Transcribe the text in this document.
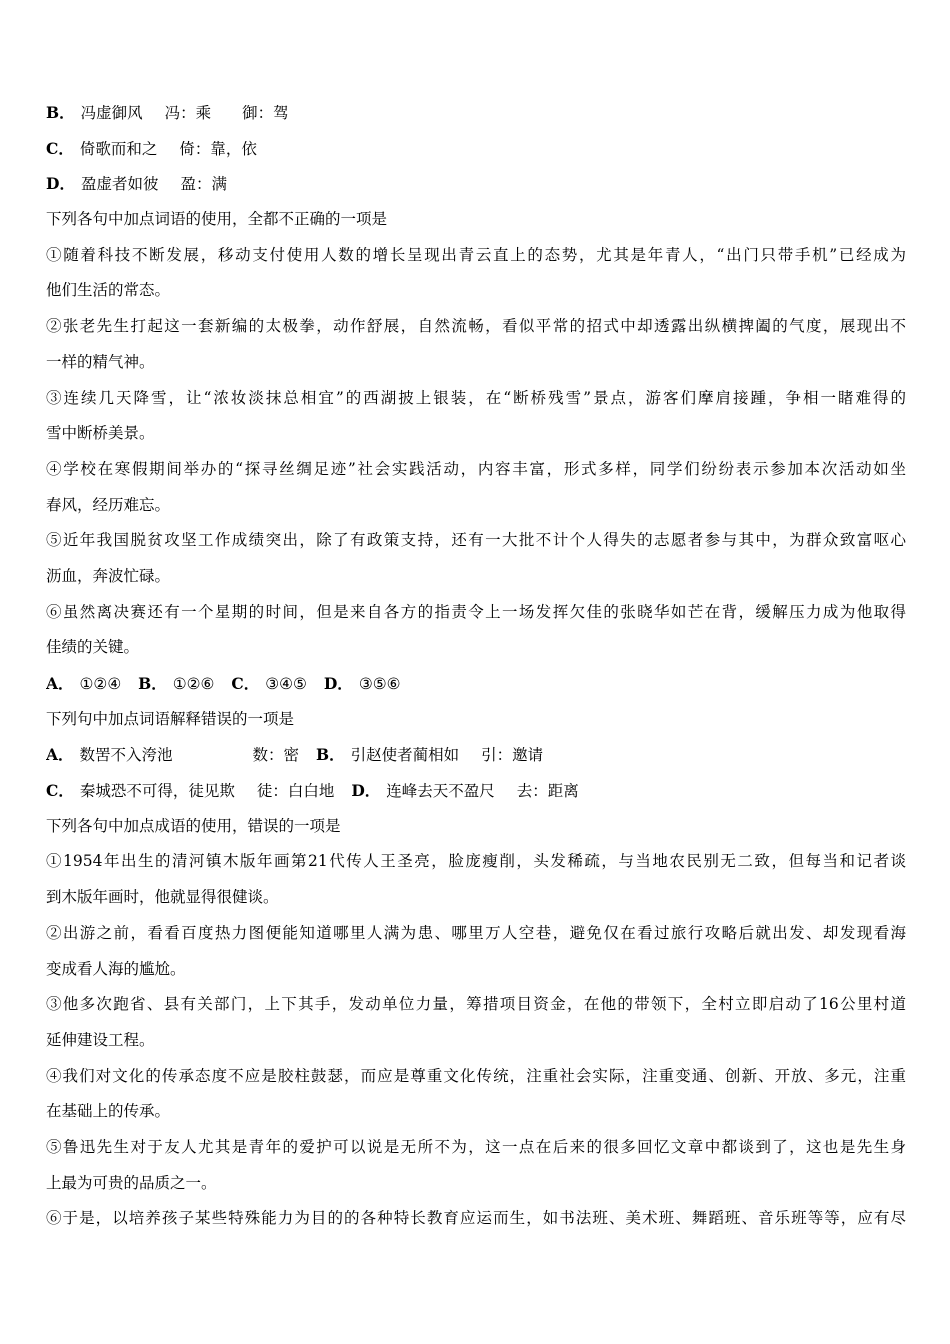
B． 冯虚御风 冯：乘　　御：驾
C． 倚歌而和之 倚：靠，依
D． 盈虚者如彼 盈：满
下列各句中加点词语的使用，全都不正确的一项是
①随着科技不断发展，移动支付使用人数的增长呈现出青云直上的态势，尤其是年青人，“出门只带手机”已经成为
他们生活的常态。
②张老先生打起这一套新编的太极拳，动作舒展，自然流畅，看似平常的招式中却透露出纵横捭阖的气度，展现出不
一样的精气神。
③连续几天降雪，让“浓妆淡抹总相宜”的西湖披上银装，在“断桥残雪”景点，游客们摩肩接踵，争相一睹难得的
雪中断桥美景。
④学校在寒假期间举办的“探寻丝绸足迹”社会实践活动，内容丰富，形式多样，同学们纷纷表示参加本次活动如坐
春风，经历难忘。
⑤近年我国脱贫攻坚工作成绩突出，除了有政策支持，还有一大批不计个人得失的志愿者参与其中，为群众致富呕心
沥血，奔波忙碌。
⑥虽然离决赛还有一个星期的时间，但是来自各方的指责令上一场发挥欠佳的张晓华如芒在背，缓解压力成为他取得
佳绩的关键。
A． ①②④ B． ①②⑥ C． ③④⑤ D． ③⑤⑥
下列句中加点词语解释错误的一项是
A． 数罟不入洿池	数：密 B． 引赵使者蔺相如 引：邀请
C． 秦城恐不可得，徒见欺 徒：白白地 D． 连峰去天不盈尺 去：距离
下列各句中加点成语的使用，错误的一项是
①1954年出生的清河镇木版年画第21代传人王圣亮，脸庞瘦削，头发稀疏，与当地农民别无二致，但每当和记者谈
到木版年画时，他就显得很健谈。
②出游之前，看看百度热力图便能知道哪里人满为患、哪里万人空巷，避免仅在看过旅行攻略后就出发、却发现看海
变成看人海的尴尬。
③他多次跑省、县有关部门，上下其手，发动单位力量，筹措项目资金，在他的带领下，全村立即启动了16公里村道
延伸建设工程。
④我们对文化的传承态度不应是胶柱鼓瑟，而应是尊重文化传统，注重社会实际，注重变通、创新、开放、多元，注重
在基础上的传承。
⑤鲁迅先生对于友人尤其是青年的爱护可以说是无所不为，这一点在后来的很多回忆文章中都谈到了，这也是先生身
上最为可贵的品质之一。
⑥于是，以培养孩子某些特殊能力为目的的各种特长教育应运而生，如书法班、美术班、舞蹈班、音乐班等等，应有尽
